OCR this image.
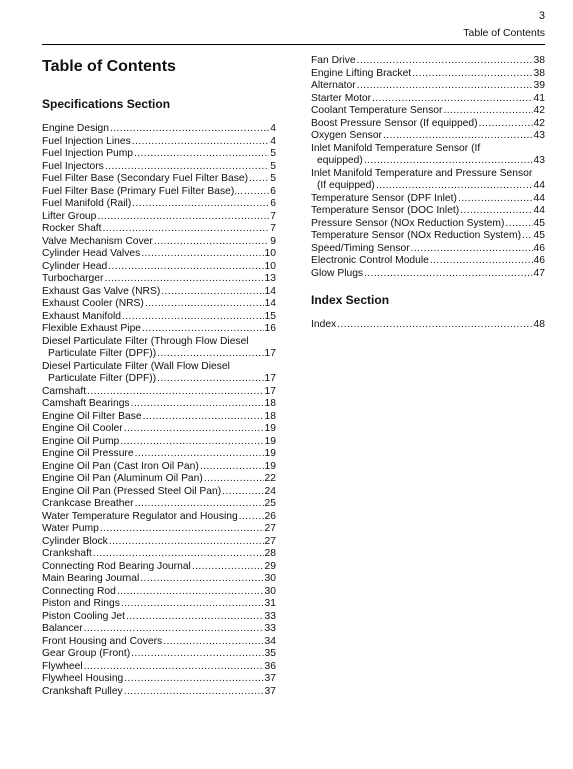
3
Table of Contents
Table of Contents
Specifications Section
Engine Design .....	4
Fuel Injection Lines .....	4
Fuel Injection Pump .....	5
Fuel Injectors .....	5
Fuel Filter Base (Secondary Fuel Filter Base) ..... 5
Fuel Filter Base (Primary Fuel Filter Base)... .....	6
Fuel Manifold (Rail) .....	6
Lifter Group .....	7
Rocker Shaft .....	7
Valve Mechanism Cover .....	9
Cylinder Head Valves .....	10
Cylinder Head .....	10
Turbocharger .....	13
Exhaust Gas Valve (NRS) .....	14
Exhaust Cooler (NRS) .....	14
Exhaust Manifold .....	15
Flexible Exhaust Pipe .....	16
Diesel Particulate Filter (Through Flow Diesel
Particulate Filter (DPF)) .....	17
Diesel Particulate Filter (Wall Flow Diesel
Particulate Filter (DPF)) .....	17
Camshaft .....	17
Camshaft Bearings .....	18
Engine Oil Filter Base .....	18
Engine Oil Cooler .....	19
Engine Oil Pump .....	19
Engine Oil Pressure .....	19
Engine Oil Pan (Cast Iron Oil Pan) .....	19
Engine Oil Pan (Aluminum Oil Pan) .....	22
Engine Oil Pan (Pressed Steel Oil Pan) .....	24
Crankcase Breather .....	25
Water Temperature Regulator and Housing .....	26
Water Pump .....	27
Cylinder Block .....	27
Crankshaft .....	28
Connecting Rod Bearing Journal .....	29
Main Bearing Journal .....	30
Connecting Rod .....	30
Piston and Rings .....	31
Piston Cooling Jet .....	33
Balancer .....	33
Front Housing and Covers .....	34
Gear Group (Front) .....	35
Flywheel .....	36
Flywheel Housing .....	37
Crankshaft Pulley .....	37
Fan Drive .....	38
Engine Lifting Bracket .....	38
Alternator .....	39
Starter Motor .....	41
Coolant Temperature Sensor .....	42
Boost Pressure Sensor (If equipped) .....	42
Oxygen Sensor .....	43
Inlet Manifold Temperature Sensor (If
equipped) .....	43
Inlet Manifold Temperature and Pressure Sensor
(If equipped) .....	44
Temperature Sensor (DPF Inlet) .....	44
Temperature Sensor (DOC Inlet) .....	44
Pressure Sensor (NOx Reduction System) .....	45
Temperature Sensor (NOx Reduction System) ..... 45
Speed/Timing Sensor .....	46
Electronic Control Module .....	46
Glow Plugs .....	47
Index Section
Index .....	48
